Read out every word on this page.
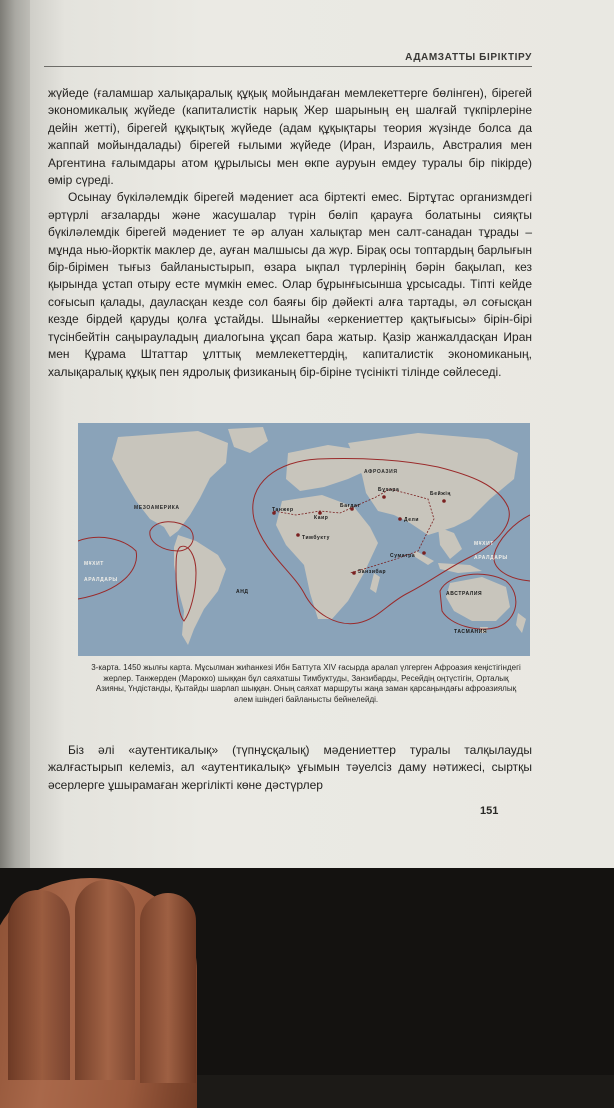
АДАМЗАТТЫ БІРІКТІРУ

жүйеде (ғаламшар халықаралық құқық мойындаған мемлекеттерге бөлінген), бірегей экономикалық жүйеде (капиталистік нарық Жер шарының ең шалғай түкпірлеріне дейін жетті), бірегей құқықтық жүйеде (адам құқықтары теория жүзінде болса да жаппай мойындалады) бірегей ғылыми жүйеде (Иран, Израиль, Австралия мен Аргентина ғалымдары атом құрылысы мен өкпе ауруын емдеу туралы бір пікірде) өмір сүреді.

Осынау бүкіләлемдік бірегей мәдениет аса біртекті емес. Біртұтас организмдегі әртүрлі ағзаларды және жасушалар түрін бөліп қарауға болатыны сияқты бүкіләлемдік бірегей мәдениет те әр алуан халықтар мен салт-санадан тұрады – мұнда нью-йорктік маклер де, ауған малшысы да жүр. Бірақ осы топтардың барлығын бір-бірімен тығыз байланыстырып, өзара ықпал түрлерінің бәрін бақылап, кез қырында ұстап отыру есте мүмкін емес. Олар бұрынғысынша ұрсысады. Тіпті кейде соғысып қалады, дауласқан кезде сол баяғы бір дәйекті алға тартады, әл соғысқан кезде бірдей қаруды қолға ұстайды. Шынайы «еркениеттер қақтығысы» бірін-бірі түсінбейтін саңырауладың диалогына ұқсап бара жатыр. Қазір жанжалдасқан Иран мен Құрама Штаттар ұлттық мемлекеттердің, капиталистік экономиканың, халықаралық құқық пен ядролық физиканың бір-біріне түсінікті тілінде сөйлеседі.

АФРОАЗИЯ
МЕЗОАМЕРИКА
МҰХИТ
АРАЛДАРЫ
МҰХИТ
АРАЛДАРЫ
АНД	АВСТРАЛИЯ
ТАСМАНИЯ
Танжер
Каир
Бағдат
Бұхара
Бейжің
Дели
Тимбукту
Занзибар
Суматра
3-карта. 1450 жылғы карта. Мұсылман жиһанкезі Ибн Баттута XIV ғасырда аралап үлгерген Афроазия кеңістігіндегі жерлер. Танжерден (Марокко) шыққан бұл саяхатшы Тимбуктуды, Занзибарды, Ресейдің оңтүстігін, Орталық Азияны, Үндістанды, Қытайды шарлап шыққан. Оның саяхат маршруты жаңа заман қарсаңындағы афроазиялық әлем ішіндегі байланысты бейнелейді.
Біз әлі «аутентикалық» (түпнұсқалық) мәдениеттер туралы талқылауды жалғастырып келеміз, ал «аутентикалық» ұғымын тәуелсіз даму нәтижесі, сыртқы әсерлерге ұшырамаған жергілікті көне дәстүрлер
151
